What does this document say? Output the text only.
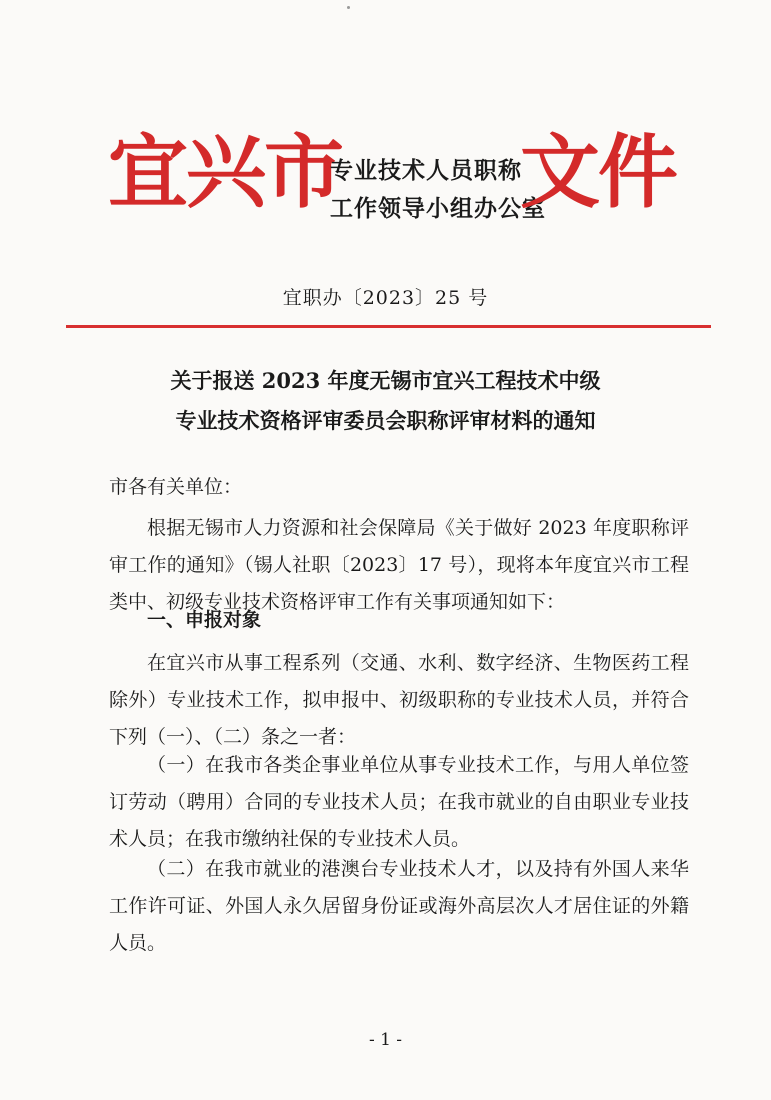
宜兴市
专业技术人员职称
工作领导小组办公室
文件
宜职办〔2023〕25 号
关于报送 2023 年度无锡市宜兴工程技术中级
专业技术资格评审委员会职称评审材料的通知
市各有关单位：

根据无锡市人力资源和社会保障局《关于做好 2023 年度职称评审工作的通知》（锡人社职〔2023〕17 号），现将本年度宜兴市工程类中、初级专业技术资格评审工作有关事项通知如下：

一、申报对象

在宜兴市从事工程系列（交通、水利、数字经济、生物医药工程除外）专业技术工作，拟申报中、初级职称的专业技术人员，并符合下列（一）、（二）条之一者：

（一）在我市各类企事业单位从事专业技术工作，与用人单位签订劳动（聘用）合同的专业技术人员；在我市就业的自由职业专业技术人员；在我市缴纳社保的专业技术人员。

（二）在我市就业的港澳台专业技术人才，以及持有外国人来华工作许可证、外国人永久居留身份证或海外高层次人才居住证的外籍人员。

- 1 -
